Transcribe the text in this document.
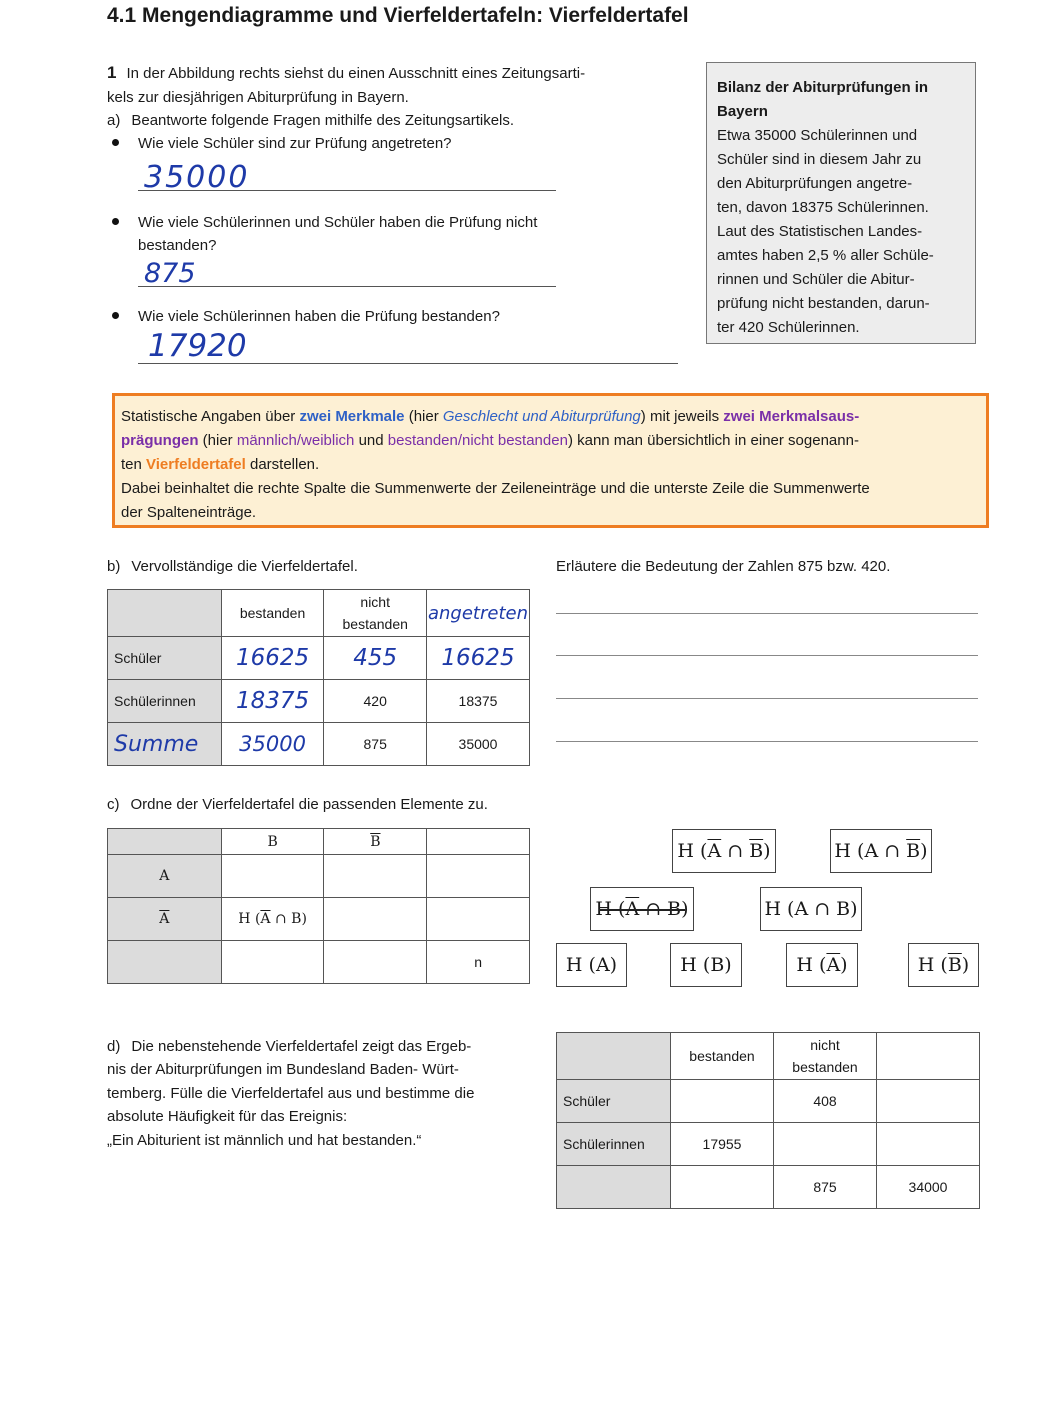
4.1 Mengendiagramme und Vierfeldertafeln: Vierfeldertafel
1 In der Abbildung rechts siehst du einen Ausschnitt eines Zeitungsarti-
kels zur diesjährigen Abiturprüfung in Bayern.
a) Beantworte folgende Fragen mithilfe des Zeitungsartikels.
Wie viele Schüler sind zur Prüfung angetreten?
35000
Wie viele Schülerinnen und Schüler haben die Prüfung nicht
bestanden?
875
Wie viele Schülerinnen haben die Prüfung bestanden?
17920
Bilanz der Abiturprüfungen in
Bayern
Etwa 35000 Schülerinnen und
Schüler sind in diesem Jahr zu
den Abiturprüfungen angetre-
ten, davon 18375 Schülerinnen.
Laut des Statistischen Landes-
amtes haben 2,5 % aller Schüle-
rinnen und Schüler die Abitur-
prüfung nicht bestanden, darun-
ter 420 Schülerinnen.
Statistische Angaben über zwei Merkmale (hier Geschlecht und Abiturprüfung) mit jeweils zwei Merkmalsaus-
prägungen (hier männlich/weiblich und bestanden/nicht bestanden) kann man übersichtlich in einer sogenann-
ten Vierfeldertafel darstellen.
Dabei beinhaltet die rechte Spalte die Summenwerte der Zeileneinträge und die unterste Zeile die Summenwerte
der Spalteneinträge.
b) Vervollständige die Vierfeldertafel.	Erläutere die Bedeutung der Zahlen 875 bzw. 420.
	bestanden	nicht
bestanden	angetreten
Schüler	16625	455	16625
Schülerinnen	18375	420	18375
Summe	35000	875	35000
c) Ordne der Vierfeldertafel die passenden Elemente zu.
	B	$\overline{B}$	
A			
$\overline{A}$	H ($\overline{A}$ ∩ B)		
			n
H ( $\overline{A}$ ∩ $\overline{B}$ )	H (A ∩ $\overline{B}$ )
H ( $\overline{A}$ ∩ B)	H (A ∩ B)
H (A)	H (B)	H ( $\overline{A}$ )	H ( $\overline{B}$ )
d) Die nebenstehende Vierfeldertafel zeigt das Ergeb-
nis der Abiturprüfungen im Bundesland Baden- Würt-
temberg. Fülle die Vierfeldertafel aus und bestimme die
absolute Häufigkeit für das Ereignis:
„Ein Abiturient ist männlich und hat bestanden.“
	bestanden	nicht
bestanden	

Schüler		408	
Schülerinnen	17955		
		875	34000
